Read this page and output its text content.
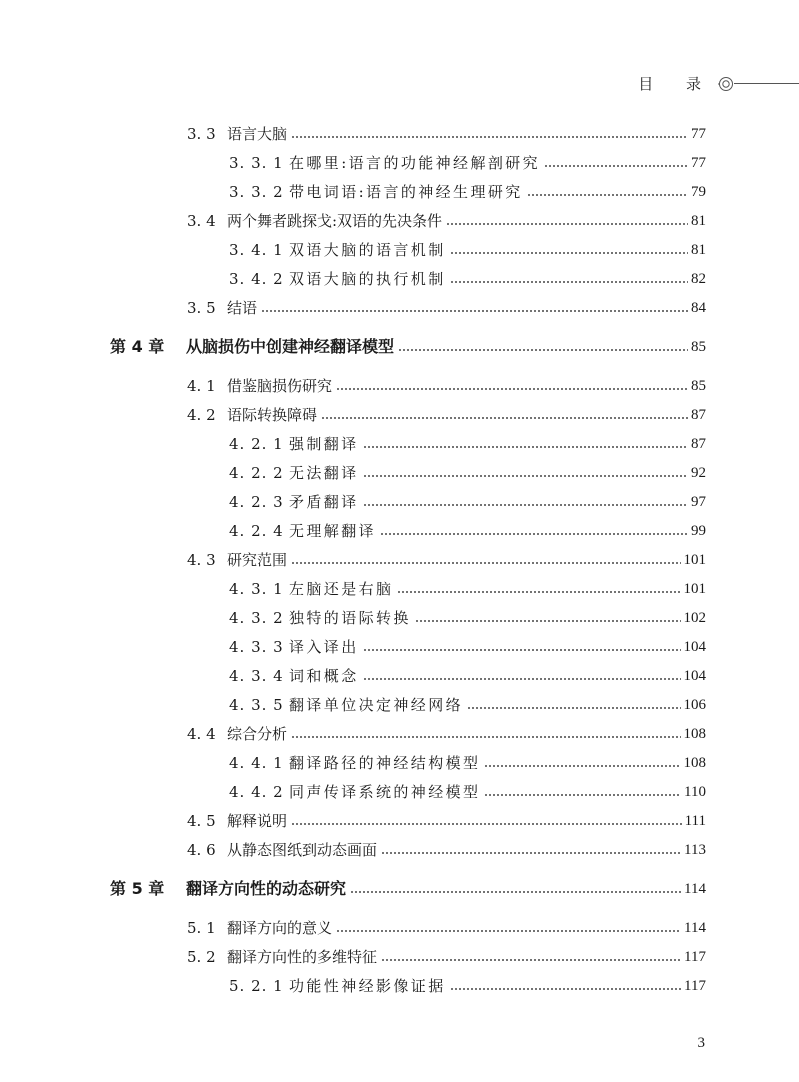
目 录
3. 3 语言大脑	77
3. 3. 1 在哪里:语言的功能神经解剖研究	77
3. 3. 2 带电词语:语言的神经生理研究	79
3. 4 两个舞者跳探戈:双语的先决条件	81
3. 4. 1 双语大脑的语言机制	81
3. 4. 2 双语大脑的执行机制	82
3. 5 结语	84
第 4 章 从脑损伤中创建神经翻译模型	85
4. 1 借鉴脑损伤研究	85
4. 2 语际转换障碍	87
4. 2. 1 强制翻译	87
4. 2. 2 无法翻译	92
4. 2. 3 矛盾翻译	97
4. 2. 4 无理解翻译	99
4. 3 研究范围	101
4. 3. 1 左脑还是右脑	101
4. 3. 2 独特的语际转换	102
4. 3. 3 译入译出	104
4. 3. 4 词和概念	104
4. 3. 5 翻译单位决定神经网络	106
4. 4 综合分析	108
4. 4. 1 翻译路径的神经结构模型	108
4. 4. 2 同声传译系统的神经模型	110
4. 5 解释说明	111
4. 6 从静态图纸到动态画面	113
第 5 章 翻译方向性的动态研究	114
5. 1 翻译方向的意义	114
5. 2 翻译方向性的多维特征	117
5. 2. 1 功能性神经影像证据	117
3
